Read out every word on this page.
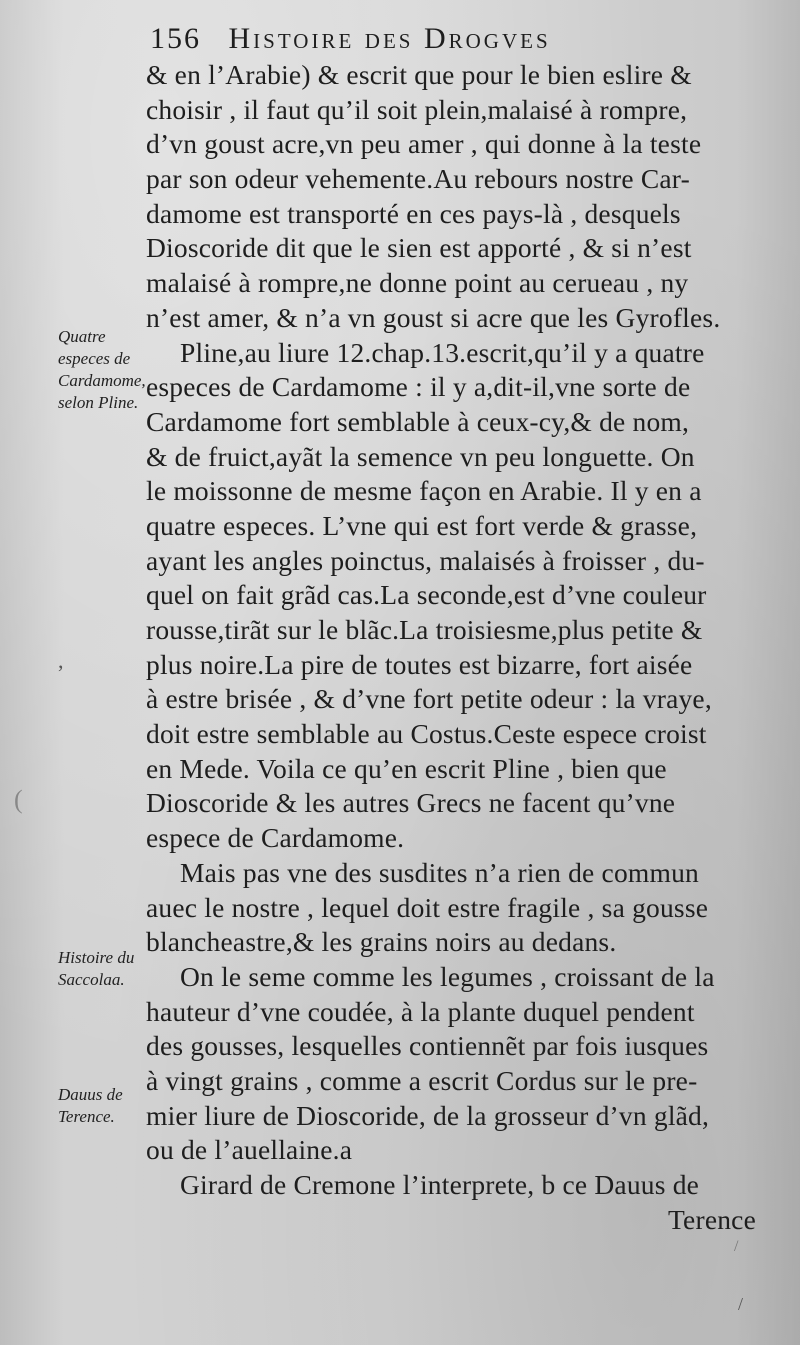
156 Histoire des Drogves
Quatre especes de Cardamome, selon Pline.
Histoire du Saccolaa.
Dauus de Terence.
,
(
/
/
& en l’Arabie) & escrit que pour le bien eslire &
choisir , il faut qu’il soit plein,malaisé à rompre,
d’vn goust acre,vn peu amer , qui donne à la teste
par son odeur vehemente.Au rebours nostre Car-
damome est transporté en ces pays-là , desquels
Dioscoride dit que le sien est apporté , & si n’est
malaisé à rompre,ne donne point au cerueau , ny
n’est amer, & n’a vn goust si acre que les Gyrofles.
Pline,au liure 12.chap.13.escrit,qu’il y a quatre
especes de Cardamome : il y a,dit-il,vne sorte de
Cardamome fort semblable à ceux-cy,& de nom,
& de fruict,ayãt la semence vn peu longuette. On
le moissonne de mesme façon en Arabie. Il y en a
quatre especes. L’vne qui est fort verde & grasse,
ayant les angles poinctus, malaisés à froisser , du-
quel on fait grãd cas.La seconde,est d’vne couleur
rousse,tirãt sur le blãc.La troisiesme,plus petite &
plus noire.La pire de toutes est bizarre, fort aisée
à estre brisée , & d’vne fort petite odeur : la vraye,
doit estre semblable au Costus.Ceste espece croist
en Mede. Voila ce qu’en escrit Pline , bien que
Dioscoride & les autres Grecs ne facent qu’vne
espece de Cardamome.
Mais pas vne des susdites n’a rien de commun
auec le nostre , lequel doit estre fragile , sa gousse
blancheastre,& les grains noirs au dedans.
On le seme comme les legumes , croissant de la
hauteur d’vne coudée, à la plante duquel pendent
des gousses, lesquelles contiennẽt par fois iusques
à vingt grains , comme a escrit Cordus sur le pre-
mier liure de Dioscoride, de la grosseur d’vn glãd,
ou de l’auellaine.a
Girard de Cremone l’interprete, b ce Dauus de
Terence
